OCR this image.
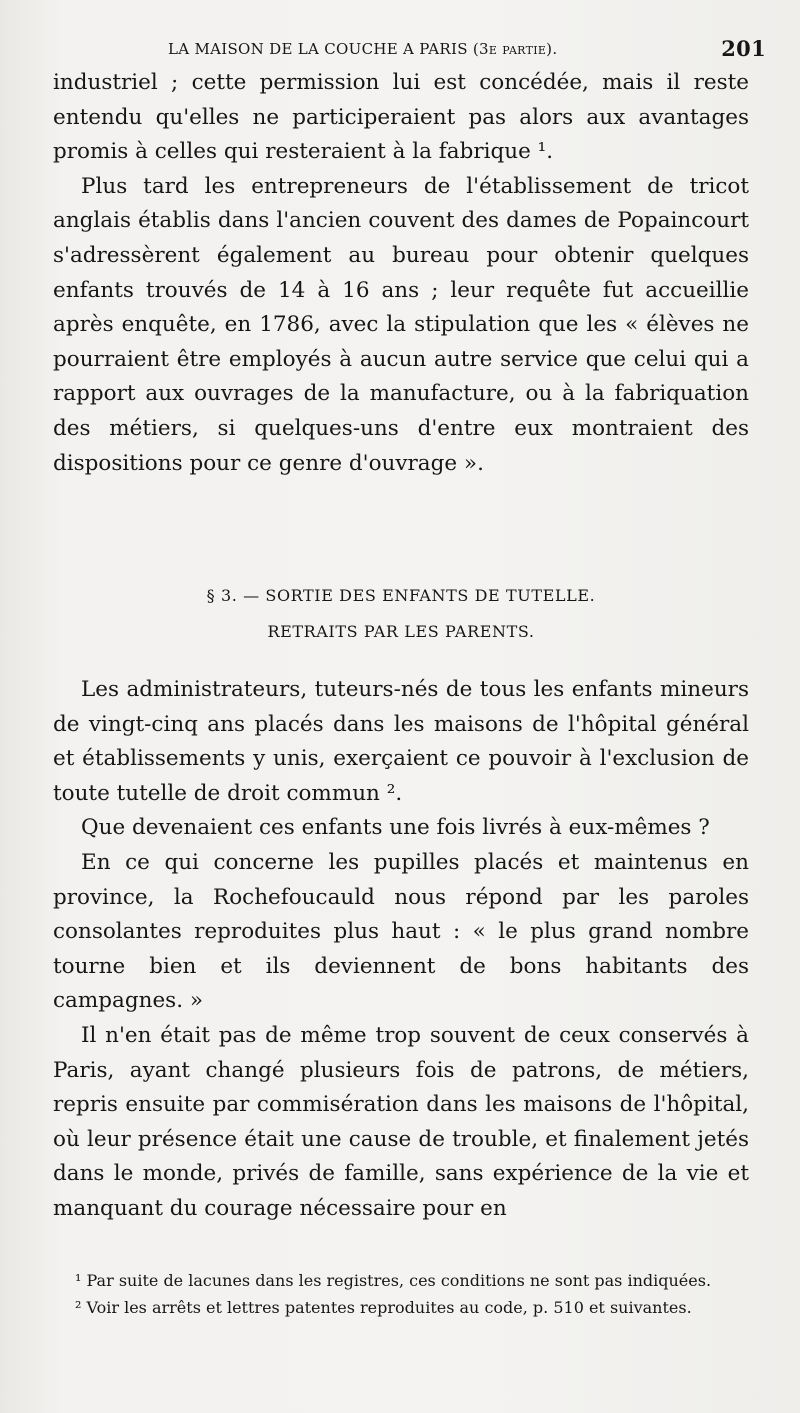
LA MAISON DE LA COUCHE A PARIS (3e partie).	201

industriel ; cette permission lui est concédée, mais il reste entendu qu'elles ne participeraient pas alors aux avantages promis à celles qui resteraient à la fabrique ¹.

Plus tard les entrepreneurs de l'établissement de tricot anglais établis dans l'ancien couvent des dames de Popaincourt s'adressèrent également au bureau pour obtenir quelques enfants trouvés de 14 à 16 ans ; leur requête fut accueillie après enquête, en 1786, avec la stipulation que les « élèves ne pourraient être employés à aucun autre service que celui qui a rapport aux ouvrages de la manufacture, ou à la fabriquation des métiers, si quelques-uns d'entre eux montraient des dispositions pour ce genre d'ouvrage ».

§ 3. — SORTIE DES ENFANTS DE TUTELLE.
RETRAITS PAR LES PARENTS.

Les administrateurs, tuteurs-nés de tous les enfants mineurs de vingt-cinq ans placés dans les maisons de l'hôpital général et établissements y unis, exerçaient ce pouvoir à l'exclusion de toute tutelle de droit commun ².

Que devenaient ces enfants une fois livrés à eux-mêmes ?

En ce qui concerne les pupilles placés et maintenus en province, la Rochefoucauld nous répond par les paroles consolantes reproduites plus haut : « le plus grand nombre tourne bien et ils deviennent de bons habitants des campagnes. »

Il n'en était pas de même trop souvent de ceux conservés à Paris, ayant changé plusieurs fois de patrons, de métiers, repris ensuite par commisération dans les maisons de l'hôpital, où leur présence était une cause de trouble, et finalement jetés dans le monde, privés de famille, sans expérience de la vie et manquant du courage nécessaire pour en

¹ Par suite de lacunes dans les registres, ces conditions ne sont pas indiquées.

² Voir les arrêts et lettres patentes reproduites au code, p. 510 et suivantes.
